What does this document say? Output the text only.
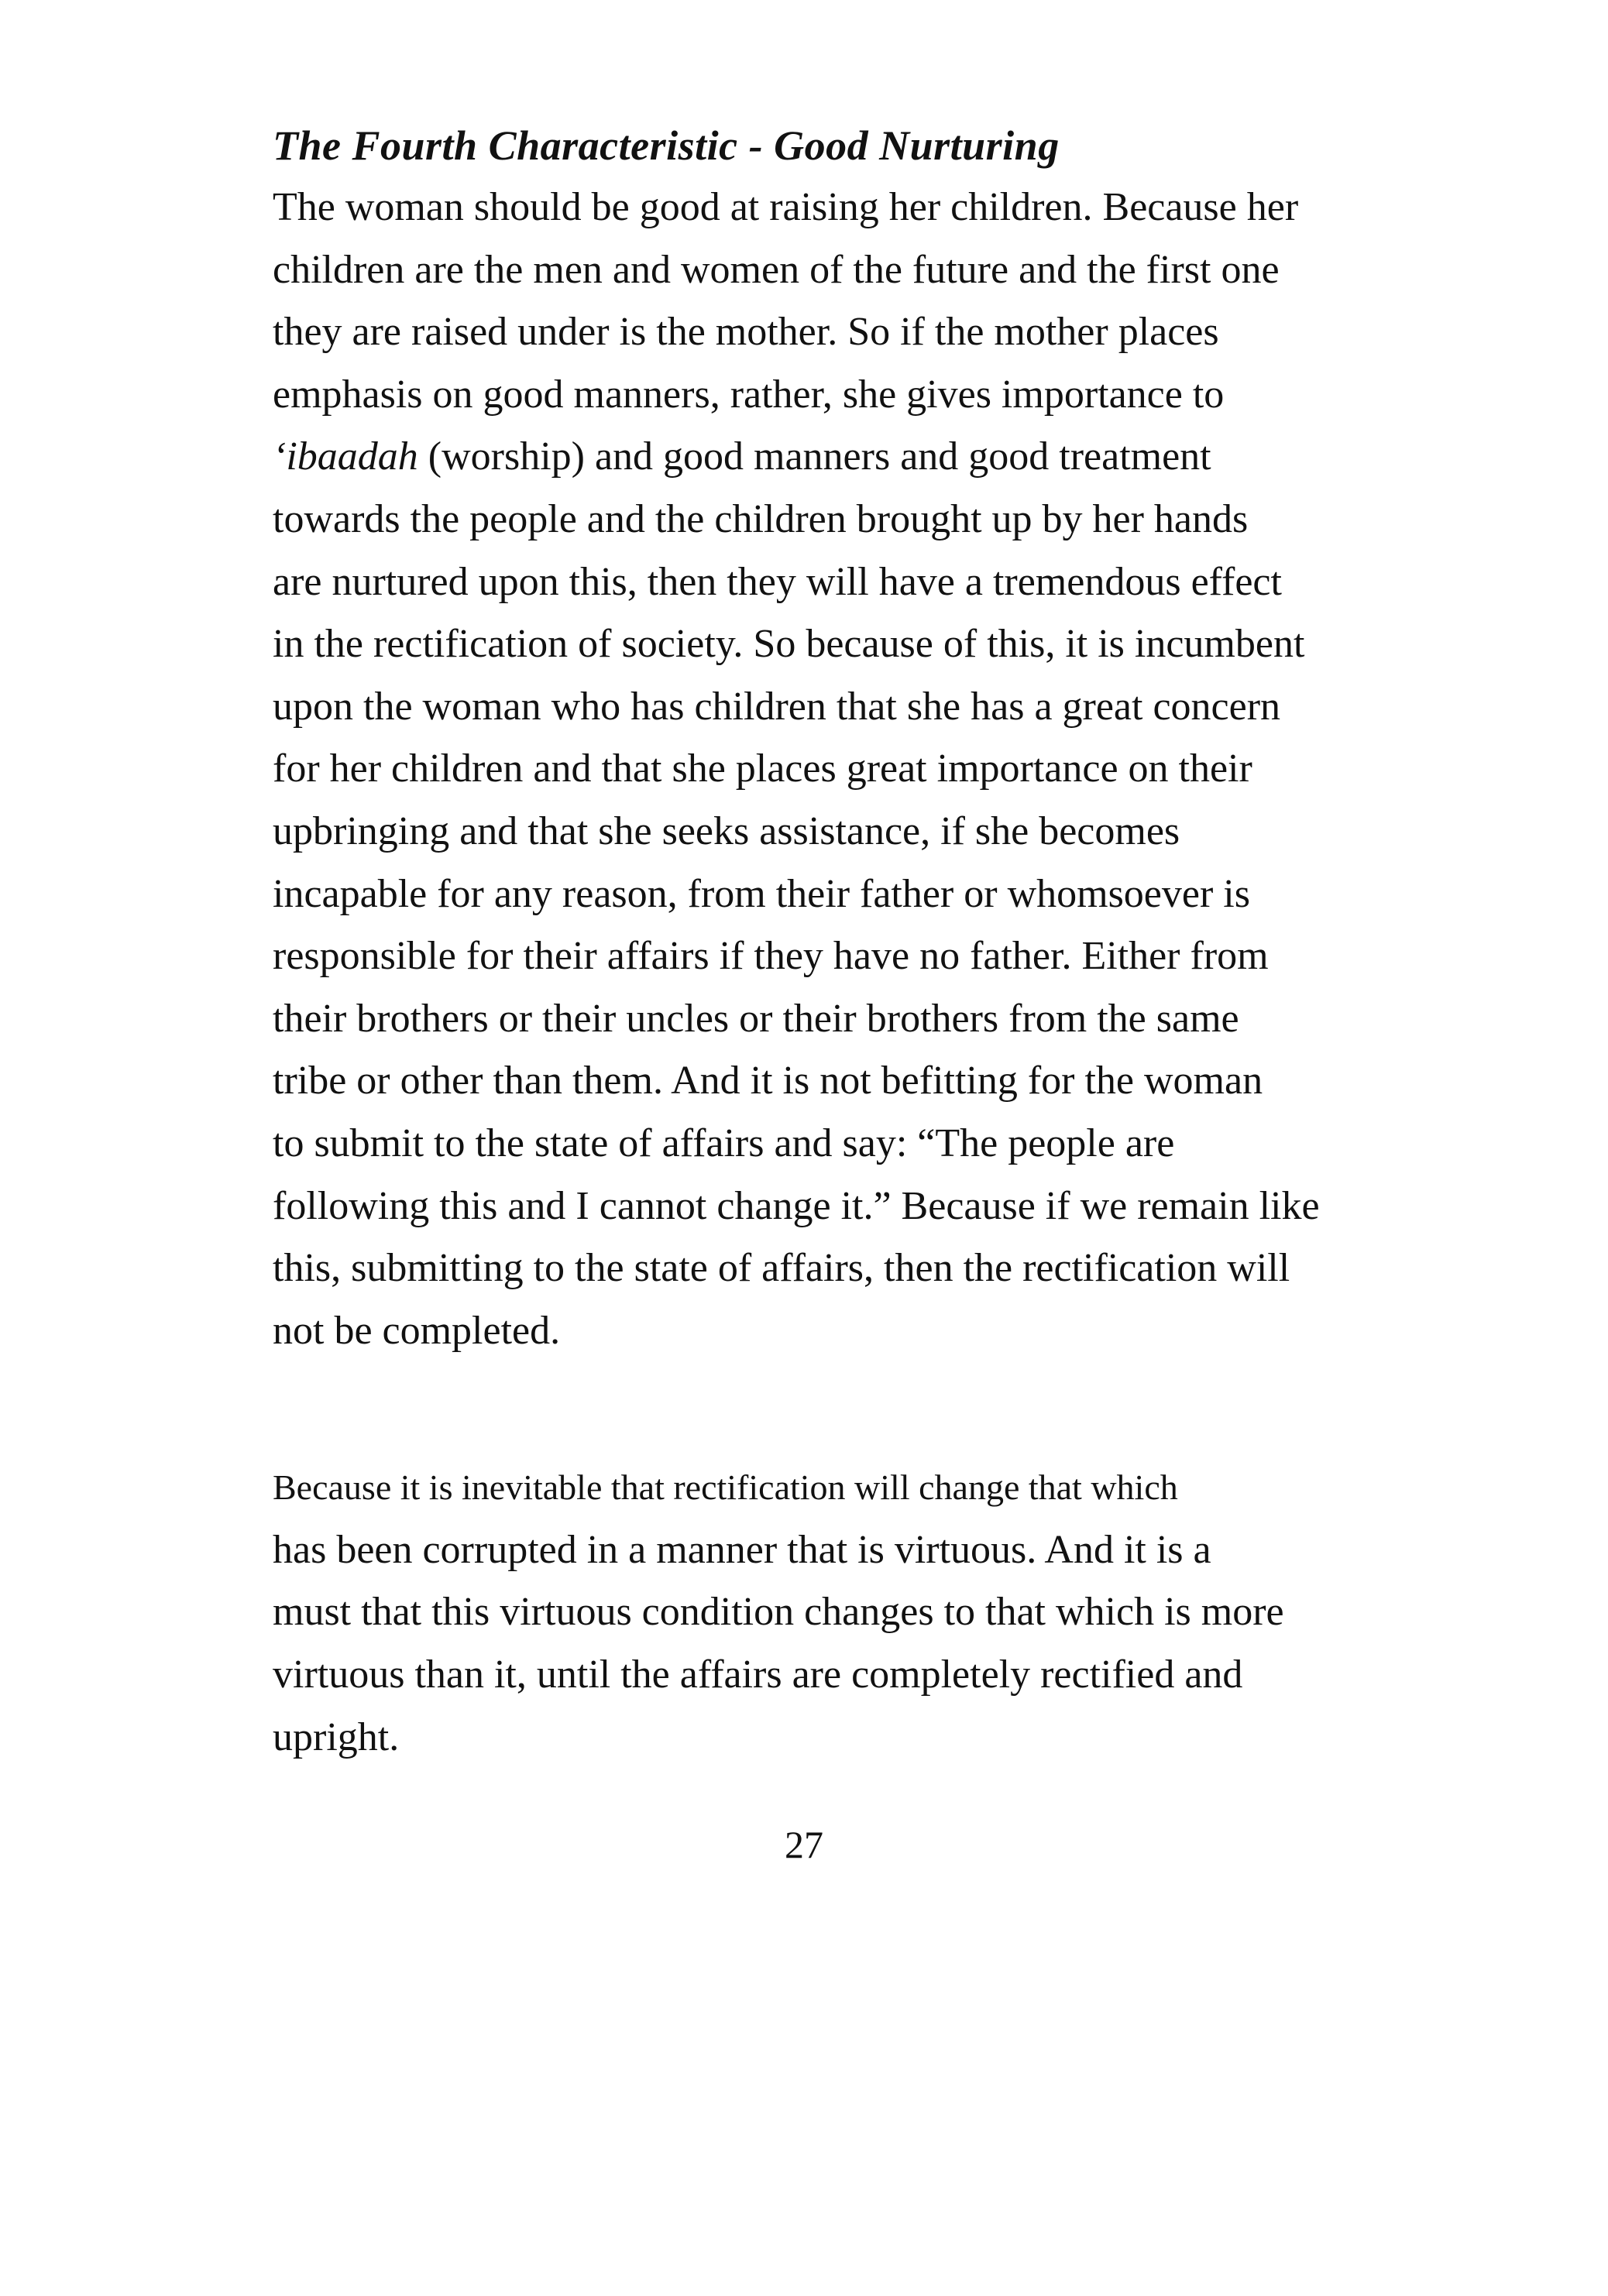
The Fourth Characteristic - Good Nurturing

The woman should be good at raising her children. Because her
children are the men and women of the future and the first one
they are raised under is the mother. So if the mother places
emphasis on good manners, rather, she gives importance to
‘ibaadah (worship) and good manners and good treatment
towards the people and the children brought up by her hands
are nurtured upon this, then they will have a tremendous effect
in the rectification of society. So because of this, it is incumbent
upon the woman who has children that she has a great concern
for her children and that she places great importance on their
upbringing and that she seeks assistance, if she becomes
incapable for any reason, from their father or whomsoever is
responsible for their affairs if they have no father. Either from
their brothers or their uncles or their brothers from the same
tribe or other than them. And it is not befitting for the woman
to submit to the state of affairs and say: “The people are
following this and I cannot change it.” Because if we remain like
this, submitting to the state of affairs, then the rectification will
not be completed.

Because it is inevitable that rectification will change that which
has been corrupted in a manner that is virtuous. And it is a
must that this virtuous condition changes to that which is more
virtuous than it, until the affairs are completely rectified and
upright.

27
